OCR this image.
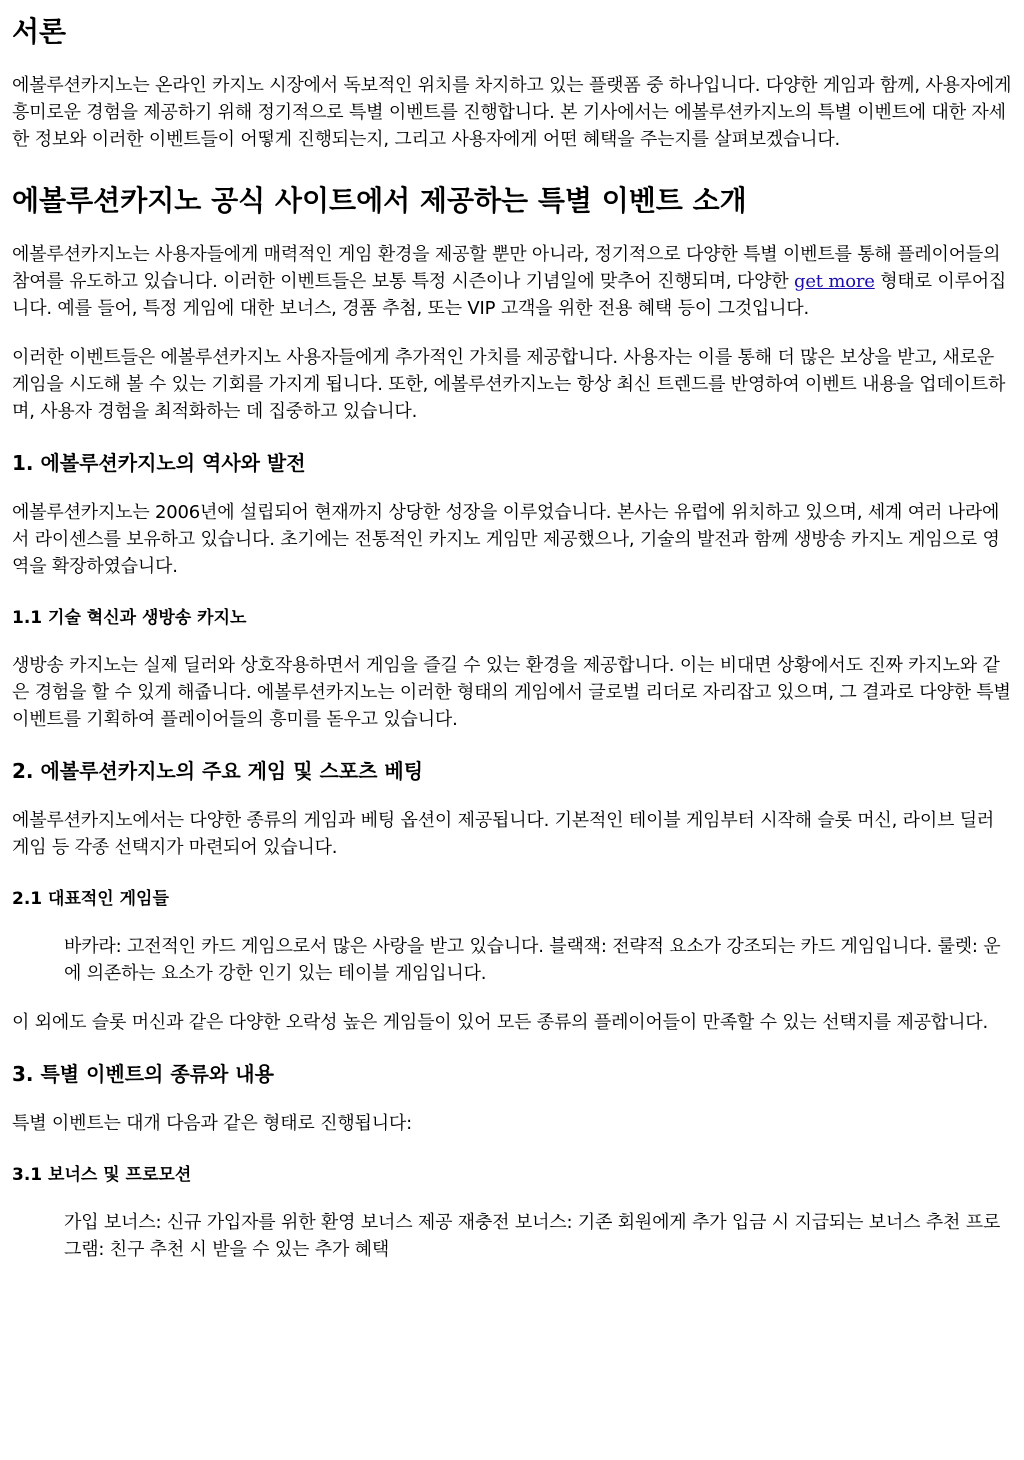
서론

에볼루션카지노는 온라인 카지노 시장에서 독보적인 위치를 차지하고 있는 플랫폼 중 하나입니다. 다양한 게임과 함께, 사용자에게 흥미로운 경험을 제공하기 위해 정기적으로 특별 이벤트를 진행합니다. 본 기사에서는 에볼루션카지노의 특별 이벤트에 대한 자세한 정보와 이러한 이벤트들이 어떻게 진행되는지, 그리고 사용자에게 어떤 혜택을 주는지를 살펴보겠습니다.

에볼루션카지노 공식 사이트에서 제공하는 특별 이벤트 소개

에볼루션카지노는 사용자들에게 매력적인 게임 환경을 제공할 뿐만 아니라, 정기적으로 다양한 특별 이벤트를 통해 플레이어들의 참여를 유도하고 있습니다. 이러한 이벤트들은 보통 특정 시즌이나 기념일에 맞추어 진행되며, 다양한 get more 형태로 이루어집니다. 예를 들어, 특정 게임에 대한 보너스, 경품 추첨, 또는 VIP 고객을 위한 전용 혜택 등이 그것입니다.

이러한 이벤트들은 에볼루션카지노 사용자들에게 추가적인 가치를 제공합니다. 사용자는 이를 통해 더 많은 보상을 받고, 새로운 게임을 시도해 볼 수 있는 기회를 가지게 됩니다. 또한, 에볼루션카지노는 항상 최신 트렌드를 반영하여 이벤트 내용을 업데이트하며, 사용자 경험을 최적화하는 데 집중하고 있습니다.

1. 에볼루션카지노의 역사와 발전

에볼루션카지노는 2006년에 설립되어 현재까지 상당한 성장을 이루었습니다. 본사는 유럽에 위치하고 있으며, 세계 여러 나라에서 라이센스를 보유하고 있습니다. 초기에는 전통적인 카지노 게임만 제공했으나, 기술의 발전과 함께 생방송 카지노 게임으로 영역을 확장하였습니다.

1.1 기술 혁신과 생방송 카지노

생방송 카지노는 실제 딜러와 상호작용하면서 게임을 즐길 수 있는 환경을 제공합니다. 이는 비대면 상황에서도 진짜 카지노와 같은 경험을 할 수 있게 해줍니다. 에볼루션카지노는 이러한 형태의 게임에서 글로벌 리더로 자리잡고 있으며, 그 결과로 다양한 특별 이벤트를 기획하여 플레이어들의 흥미를 돋우고 있습니다.

2. 에볼루션카지노의 주요 게임 및 스포츠 베팅

에볼루션카지노에서는 다양한 종류의 게임과 베팅 옵션이 제공됩니다. 기본적인 테이블 게임부터 시작해 슬롯 머신, 라이브 딜러 게임 등 각종 선택지가 마련되어 있습니다.

2.1 대표적인 게임들
바카라: 고전적인 카드 게임으로서 많은 사랑을 받고 있습니다. 블랙잭: 전략적 요소가 강조되는 카드 게임입니다. 룰렛: 운에 의존하는 요소가 강한 인기 있는 테이블 게임입니다.

이 외에도 슬롯 머신과 같은 다양한 오락성 높은 게임들이 있어 모든 종류의 플레이어들이 만족할 수 있는 선택지를 제공합니다.

3. 특별 이벤트의 종류와 내용

특별 이벤트는 대개 다음과 같은 형태로 진행됩니다:

3.1 보너스 및 프로모션
가입 보너스: 신규 가입자를 위한 환영 보너스 제공 재충전 보너스: 기존 회원에게 추가 입금 시 지급되는 보너스 추천 프로그램: 친구 추천 시 받을 수 있는 추가 혜택
